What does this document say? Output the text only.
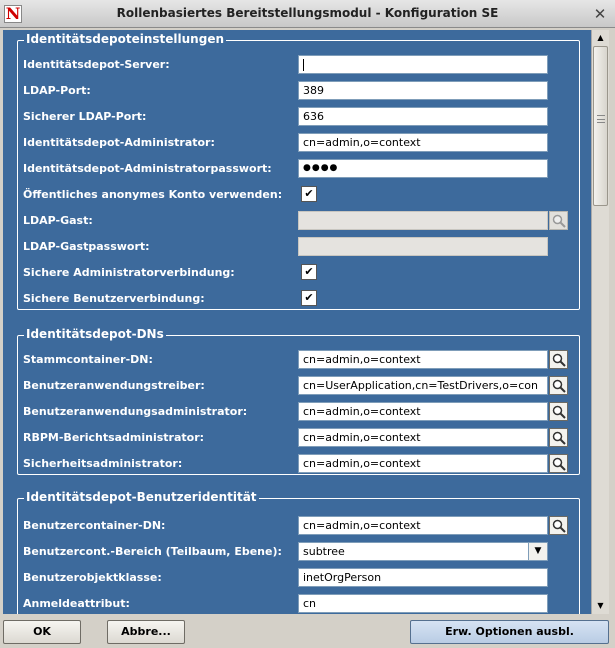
N	Rollenbasiertes Bereitstellungsmodul - Konfiguration SE	✕
Identitätsdepoteinstellungen
Identitätsdepot-Server:
LDAP-Port:	389
Sicherer LDAP-Port:	636
Identitätsdepot-Administrator:	cn=admin,o=context
Identitätsdepot-Administratorpasswort:	●●●●
Öffentliches anonymes Konto verwenden:	✔
LDAP-Gast:
LDAP-Gastpasswort:
Sichere Administratorverbindung:	✔
Sichere Benutzerverbindung:	✔
Identitätsdepot-DNs
Stammcontainer-DN:	cn=admin,o=context
Benutzeranwendungstreiber:	cn=UserApplication,cn=TestDrivers,o=con
Benutzeranwendungsadministrator:	cn=admin,o=context
RBPM-Berichtsadministrator:	cn=admin,o=context
Sicherheitsadministrator:	cn=admin,o=context
Identitätsdepot-Benutzeridentität
Benutzercontainer-DN:	cn=admin,o=context
Benutzercont.-Bereich (Teilbaum, Ebene):	subtree	▼
Benutzerobjektklasse:	inetOrgPerson
Anmeldeattribut:	cn
▲
▼
OK	Abbre...	Erw. Optionen ausbl.
